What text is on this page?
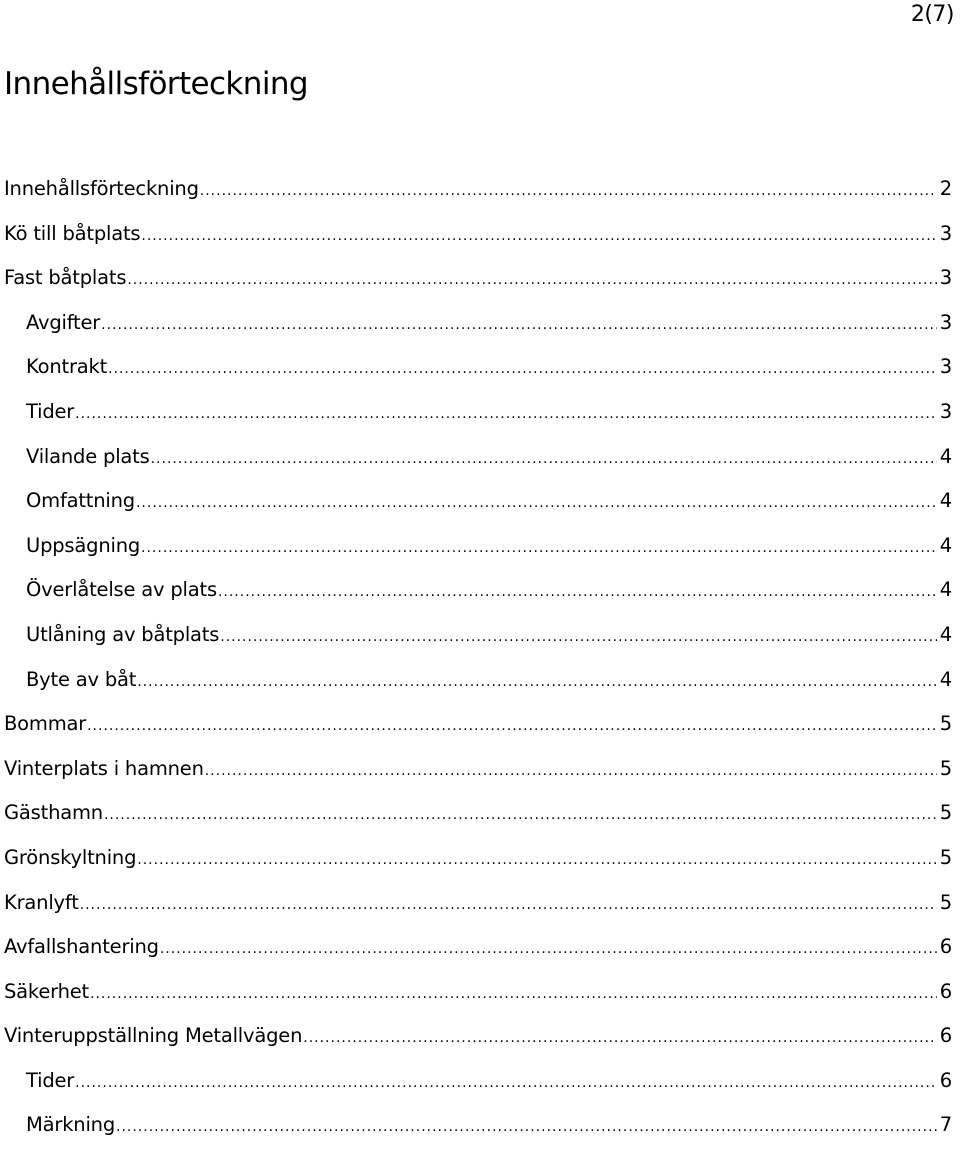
2(7)
Innehållsförteckning
Innehållsförteckning .....	2
Kö till båtplats .....	3
Fast båtplats .....	3
Avgifter .....	3
Kontrakt .....	3
Tider .....	3
Vilande plats .....	4
Omfattning .....	4
Uppsägning .....	4
Överlåtelse av plats .....	4
Utlåning av båtplats .....	4
Byte av båt .....	4
Bommar .....	5
Vinterplats i hamnen .....	5
Gästhamn .....	5
Grönskyltning .....	5
Kranlyft .....	5
Avfallshantering .....	6
Säkerhet .....	6
Vinteruppställning Metallvägen .....	6
Tider .....	6
Märkning .....	7
